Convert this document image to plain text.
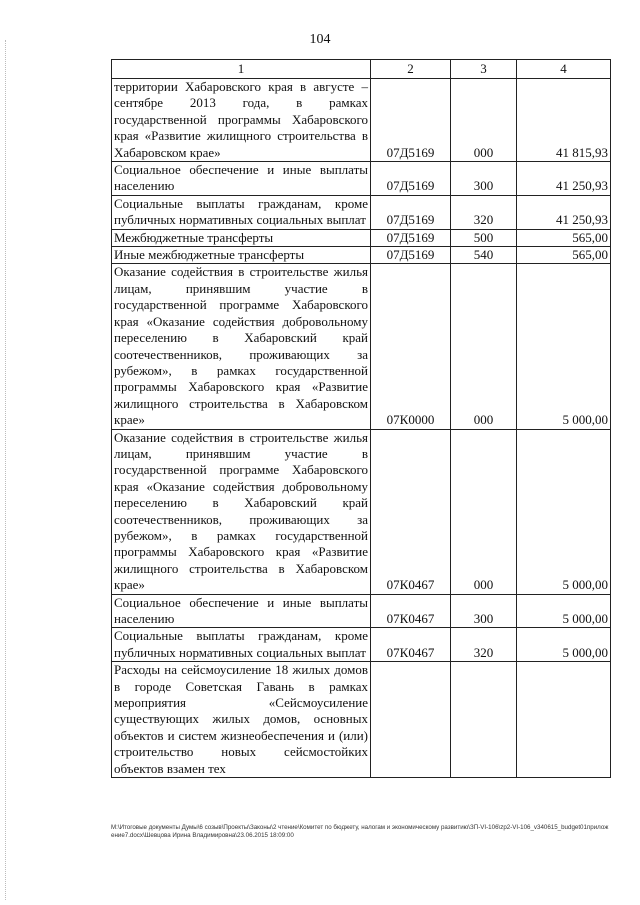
104
1	2	3	4
территории Хабаровского края в августе – сентябре 2013 года, в рамках государственной программы Хабаровского края «Развитие жилищного строительства в Хабаровском крае»	07Д5169	000	41 815,93
Социальное обеспечение и иные выплаты населению	07Д5169	300	41 250,93
Социальные выплаты гражданам, кроме публичных нормативных социальных выплат	07Д5169	320	41 250,93
Межбюджетные трансферты	07Д5169	500	565,00
Иные межбюджетные трансферты	07Д5169	540	565,00
Оказание содействия в строительстве жилья лицам, принявшим участие в государственной программе Хабаровского края «Оказание содействия добровольному переселению в Хабаровский край соотечественников, проживающих за рубежом», в рамках государственной программы Хабаровского края «Развитие жилищного строительства в Хабаровском крае»	07К0000	000	5 000,00
Оказание содействия в строительстве жилья лицам, принявшим участие в государственной программе Хабаровского края «Оказание содействия добровольному переселению в Хабаровский край соотечественников, проживающих за рубежом», в рамках государственной программы Хабаровского края «Развитие жилищного строительства в Хабаровском крае»	07К0467	000	5 000,00
Социальное обеспечение и иные выплаты населению	07К0467	300	5 000,00
Социальные выплаты гражданам, кроме публичных нормативных социальных выплат	07К0467	320	5 000,00
Расходы на сейсмоусиление 18 жилых домов в городе Советская Гавань в рамках мероприятия «Сейсмоусиление существующих жилых домов, основных объектов и систем жизнеобеспечения и (или) строительство новых сейсмостойких объектов взамен тех			
M:\Итоговые документы Думы\6 созыв\Проекты\Законы\2 чтение\Комитет по бюджету, налогам и экономическому развитию\ЗП-VI-106\zp2-VI-106_v340615_budget01приложение7.docx\Шевцова Ирина Владимировна\23.06.2015 18:09:00
